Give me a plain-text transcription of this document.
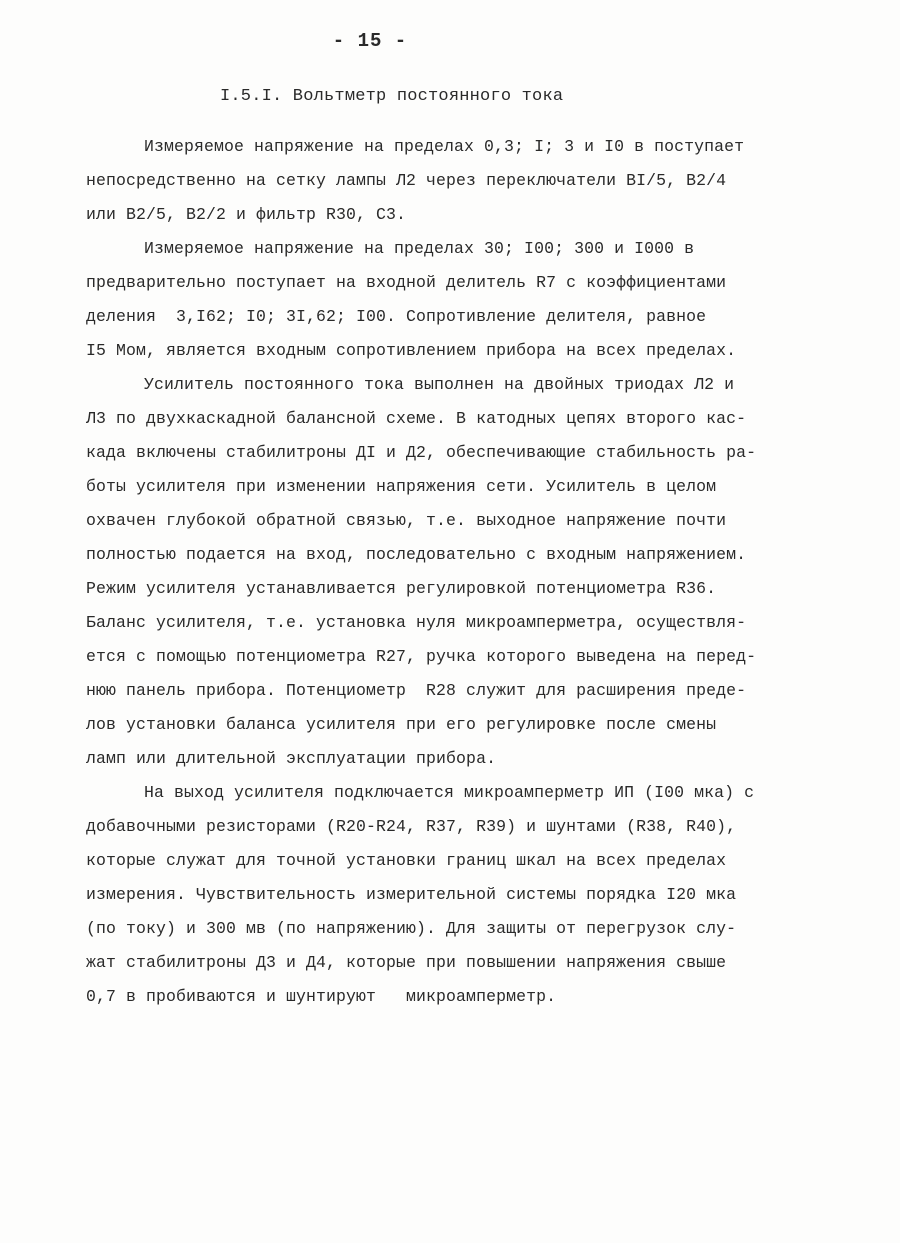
- 15 -
I.5.I. Вольтметр постоянного тока
Измеряемое напряжение на пределах 0,3; I; 3 и I0 в поступает
непосредственно на сетку лампы Л2 через переключатели BI/5, B2/4
или B2/5, B2/2 и фильтр R30, C3.
Измеряемое напряжение на пределах 30; I00; 300 и I000 в
предварительно поступает на входной делитель R7 с коэффициентами
деления  3,I62; I0; 3I,62; I00. Сопротивление делителя, равное
I5 Мом, является входным сопротивлением прибора на всех пределах.
Усилитель постоянного тока выполнен на двойных триодах Л2 и
Л3 по двухкаскадной балансной схеме. В катодных цепях второго кас-
када включены стабилитроны ДI и Д2, обеспечивающие стабильность ра-
боты усилителя при изменении напряжения сети. Усилитель в целом
охвачен глубокой обратной связью, т.е. выходное напряжение почти
полностью подается на вход, последовательно с входным напряжением.
Режим усилителя устанавливается регулировкой потенциометра R36.
Баланс усилителя, т.е. установка нуля микроамперметра, осуществля-
ется с помощью потенциометра R27, ручка которого выведена на перед-
нюю панель прибора. Потенциометр  R28 служит для расширения преде-
лов установки баланса усилителя при его регулировке после смены
ламп или длительной эксплуатации прибора.
На выход усилителя подключается микроамперметр ИП (I00 мка) с
добавочными резисторами (R20-R24, R37, R39) и шунтами (R38, R40),
которые служат для точной установки границ шкал на всех пределах
измерения. Чувствительность измерительной системы порядка I20 мка
(по току) и 300 мв (по напряжению). Для защиты от перегрузок слу-
жат стабилитроны Д3 и Д4, которые при повышении напряжения свыше
0,7 в пробиваются и шунтируют   микроамперметр.
